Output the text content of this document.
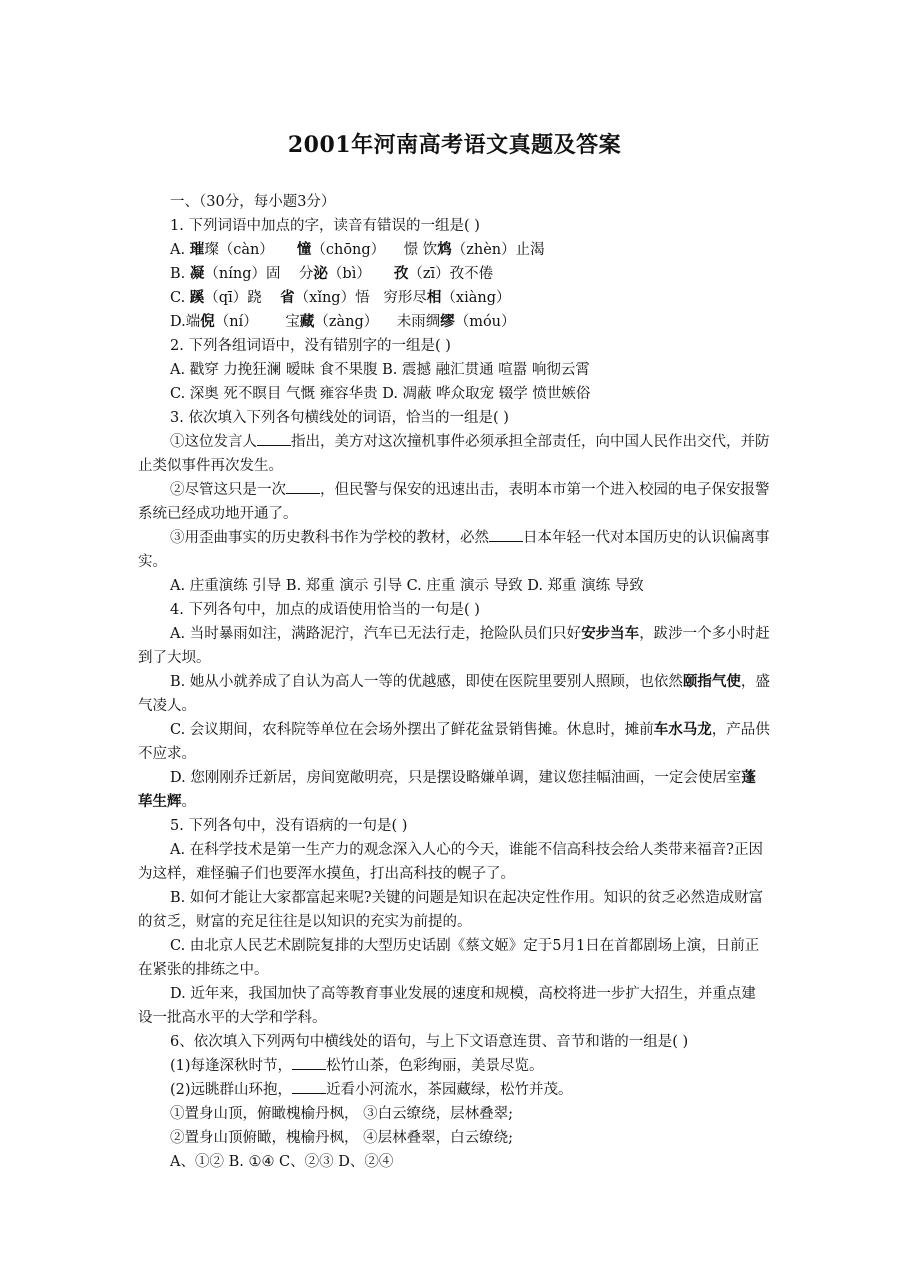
2001年河南高考语文真题及答案
一、（30分，每小题3分）
1. 下列词语中加点的字，读音有错误的一组是( )
A. 璀璨（càn） 憧（chōng） 憬 饮鸩（zhèn）止渴
B. 凝（níng）固 分泌（bì） 孜（zī）孜不倦
C. 蹊（qī）跷 省（xǐng）悟 穷形尽相（xiàng）
D.端倪（ní） 宝藏（zàng） 未雨绸缪（móu）
2. 下列各组词语中，没有错别字的一组是( )
A. 戳穿 力挽狂澜 暧昧 食不果腹 B. 震撼 融汇贯通 喧嚣 响彻云霄
C. 深奥 死不瞑目 气慨 雍容华贵 D. 凋蔽 哗众取宠 辍学 愤世嫉俗
3. 依次填入下列各句横线处的词语，恰当的一组是( )

①这位发言人 指出，美方对这次撞机事件必须承担全部责任，向中国人民作出交代，并防止类似事件再次发生。

②尽管这只是一次 ，但民警与保安的迅速出击，表明本市第一个进入校园的电子保安报警系统已经成功地开通了。

③用歪曲事实的历史教科书作为学校的教材，必然 日本年轻一代对本国历史的认识偏离事实。

A. 庄重演练 引导 B. 郑重 演示 引导 C. 庄重 演示 导致 D. 郑重 演练 导致
4. 下列各句中，加点的成语使用恰当的一句是( )

A. 当时暴雨如注，满路泥泞，汽车已无法行走，抢险队员们只好安步当车，跋涉一个多小时赶到了大坝。

B. 她从小就养成了自认为高人一等的优越感，即使在医院里要别人照顾，也依然颐指气使，盛气凌人。

C. 会议期间，农科院等单位在会场外摆出了鲜花盆景销售摊。休息时，摊前车水马龙，产品供不应求。

D. 您刚刚乔迁新居，房间宽敞明亮，只是摆设略嫌单调，建议您挂幅油画，一定会使居室蓬荜生辉。

5. 下列各句中，没有语病的一句是( )

A. 在科学技术是第一生产力的观念深入人心的今天，谁能不信高科技会给人类带来福音?正因为这样，难怪骗子们也要浑水摸鱼，打出高科技的幌子了。

B. 如何才能让大家都富起来呢?关键的问题是知识在起决定性作用。知识的贫乏必然造成财富的贫乏，财富的充足往往是以知识的充实为前提的。

C. 由北京人民艺术剧院复排的大型历史话剧《蔡文姬》定于5月1日在首都剧场上演，日前正在紧张的排练之中。

D. 近年来，我国加快了高等教育事业发展的速度和规模，高校将进一步扩大招生，并重点建设一批高水平的大学和学科。

6、依次填入下列两句中横线处的语句，与上下文语意连贯、音节和谐的一组是( )
(1)每逢深秋时节， 松竹山茶，色彩绚丽，美景尽览。
(2)远眺群山环抱， 近看小河流水，茶园藏绿，松竹并茂。
①置身山顶，俯瞰槐榆丹枫， ③白云缭绕，层林叠翠;
②置身山顶俯瞰，槐榆丹枫， ④层林叠翠，白云缭绕;
A、①② B. ①④ C、②③ D、②④
